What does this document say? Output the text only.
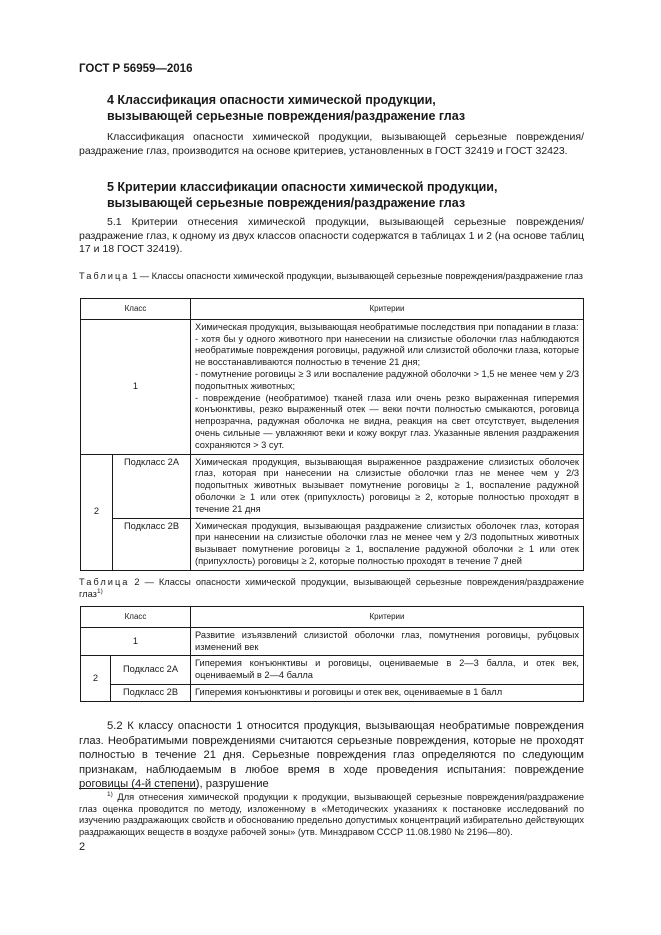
ГОСТ Р 56959—2016
4 Классификация опасности химической продукции, вызывающей серьезные повреждения/раздражение глаз

Классификация опасности химической продукции, вызывающей серьезные повреждения/раздражение глаз, производится на основе критериев, установленных в ГОСТ 32419 и ГОСТ 32423.

5 Критерии классификации опасности химической продукции, вызывающей серьезные повреждения/раздражение глаз

5.1 Критерии отнесения химической продукции, вызывающей серьезные повреждения/раздражение глаз, к одному из двух классов опасности содержатся в таблицах 1 и 2 (на основе таблиц 17 и 18 ГОСТ 32419).

Таблица 1 — Классы опасности химической продукции, вызывающей серьезные повреждения/раздражение глаз

Класс		Критерии
1		Химическая продукция, вызывающая необратимые последствия при попадании в глаза:
- хотя бы у одного животного при нанесении на слизистые оболочки глаз наблюдаются необратимые повреждения роговицы, радужной или слизистой оболочки глаза, которые не восстанавливаются полностью в течение 21 дня;
- помутнение роговицы ≥ 3 или воспаление радужной оболочки > 1,5 не менее чем у 2/3 подопытных животных;
- повреждение (необратимое) тканей глаза или очень резко выраженная гиперемия конъюнктивы, резко выраженный отек — веки почти полностью смыкаются, роговица непрозрачна, радужная оболочка не видна, реакция на свет отсутствует, выделения очень сильные — увлажняют веки и кожу вокруг глаз. Указанные явления раздражения сохраняются > 3 сут.
2	Подкласс 2А	Химическая продукция, вызывающая выраженное раздражение слизистых оболочек глаз, которая при нанесении на слизистые оболочки глаз не менее чем у 2/3 подопытных животных вызывает помутнение роговицы ≥ 1, воспаление радужной оболочки ≥ 1 или отек (припухлость) роговицы ≥ 2, которые полностью проходят в течение 21 дня
	Подкласс 2В	Химическая продукция, вызывающая раздражение слизистых оболочек глаз, которая при нанесении на слизистые оболочки глаз не менее чем у 2/3 подопытных животных вызывает помутнение роговицы ≥ 1, воспаление радужной оболочки ≥ 1 или отек (припухлость) роговицы ≥ 2, которые полностью проходят в течение 7 дней

Таблица 2 — Классы опасности химической продукции, вызывающей серьезные повреждения/раздражение глаз$^{1)}$

Класс		Критерии
1		Развитие изъязвлений слизистой оболочки глаз, помутнения роговицы, рубцовых изменений век
2	Подкласс 2А	Гиперемия конъюнктивы и роговицы, оцениваемые в 2—3 балла, и отек век, оцениваемый в 2—4 балла
	Подкласс 2В	Гиперемия конъюнктивы и роговицы и отек век, оцениваемые в 1 балл

5.2 К классу опасности 1 относится продукция, вызывающая необратимые повреждения глаз. Необратимыми повреждениями считаются серьезные повреждения, которые не проходят полностью в течение 21 дня. Серьезные повреждения глаз определяются по следующим признакам, наблюдаемым в любое время в ходе проведения испытания: повреждение роговицы (4-й степени), разрушение

$^{1)}$ Для отнесения химической продукции к продукции, вызывающей серьезные повреждения/раздражение глаз оценка проводится по методу, изложенному в «Методических указаниях к постановке исследований по изучению раздражающих свойств и обоснованию предельно допустимых концентраций избирательно действующих раздражающих веществ в воздухе рабочей зоны» (утв. Минздравом СССР 11.08.1980 № 2196—80).

2
